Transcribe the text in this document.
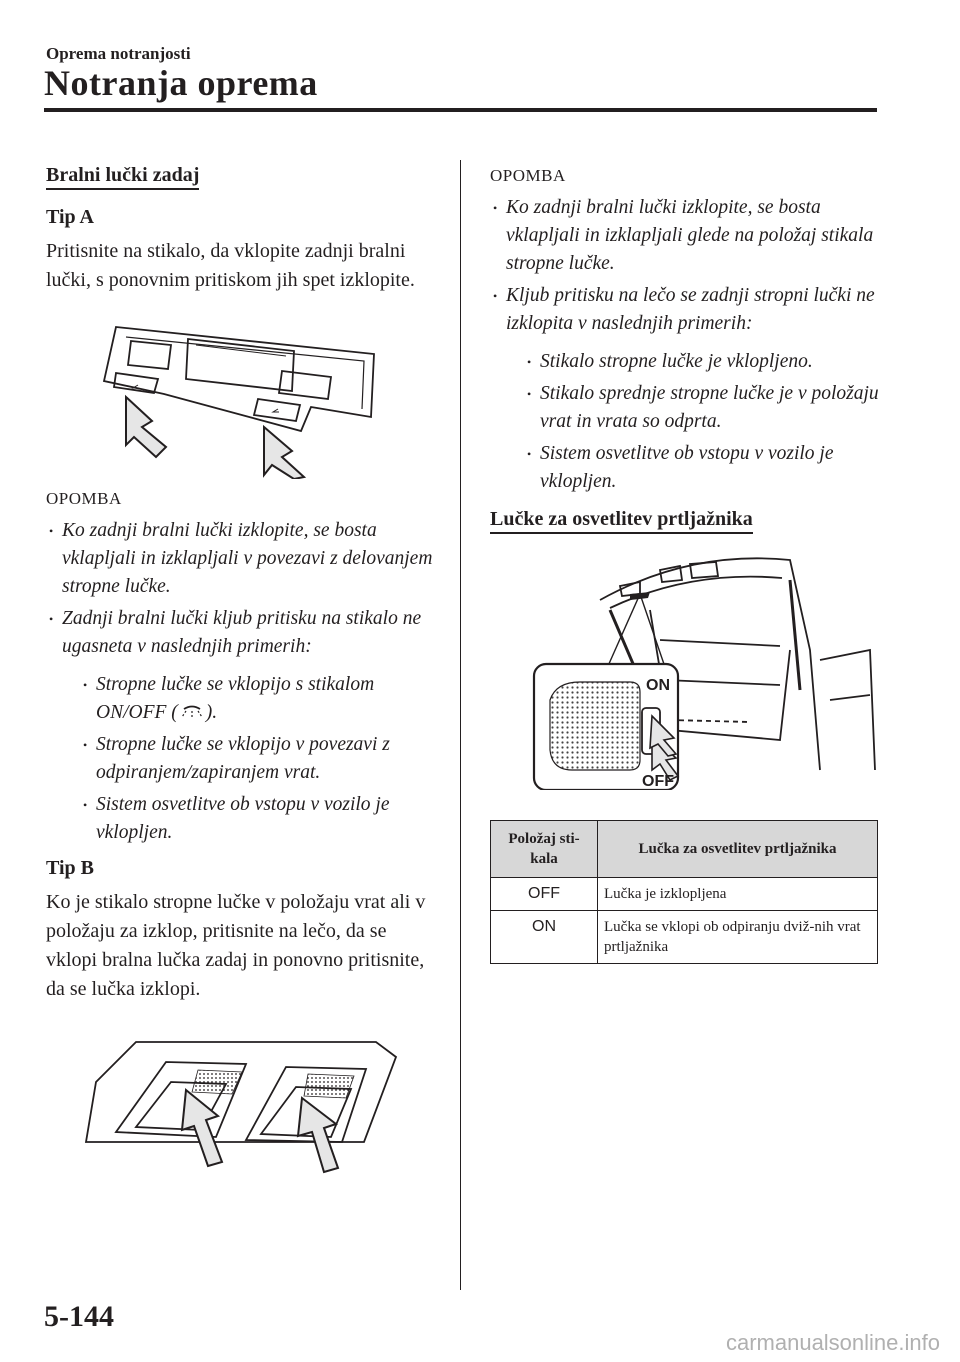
Oprema notranjosti
Notranja oprema
Bralni lučki zadaj
Tip A

Pritisnite na stikalo, da vklopite zadnji bralni lučki, s ponovnim pritiskom jih spet izklopite.

OPOMBA
• Ko zadnji bralni lučki izklopite, se bosta vklapljali in izklapljali v povezavi z delovanjem stropne lučke.
• Zadnji bralni lučki kljub pritisku na stikalo ne ugasneta v naslednjih primerih:
• Stropne lučke se vklopijo s stikalom ON/OFF ( ).
• Stropne lučke se vklopijo v povezavi z odpiranjem/zapiranjem vrat.
• Sistem osvetlitve ob vstopu v vozilo je vklopljen.
Tip B

Ko je stikalo stropne lučke v položaju vrat ali v položaju za izklop, pritisnite na lečo, da se vklopi bralna lučka zadaj in ponovno pritisnite, da se lučka izklopi.

OPOMBA
• Ko zadnji bralni lučki izklopite, se bosta vklapljali in izklapljali glede na položaj stikala stropne lučke.
• Kljub pritisku na lečo se zadnji stropni lučki ne izklopita v naslednjih primerih:
• Stikalo stropne lučke je vklopljeno.
• Stikalo sprednje stropne lučke je v položaju vrat in vrata so odprta.
• Sistem osvetlitve ob vstopu v vozilo je vklopljen.
Lučke za osvetlitev prtljažnika
ON
OFF
Položaj sti-kala	Lučka za osvetlitev prtljažnika
OFF	Lučka je izklopljena
ON	Lučka se vklopi ob odpiranju dviž-nih vrat prtljažnika
5-144
carmanualsonline.info
